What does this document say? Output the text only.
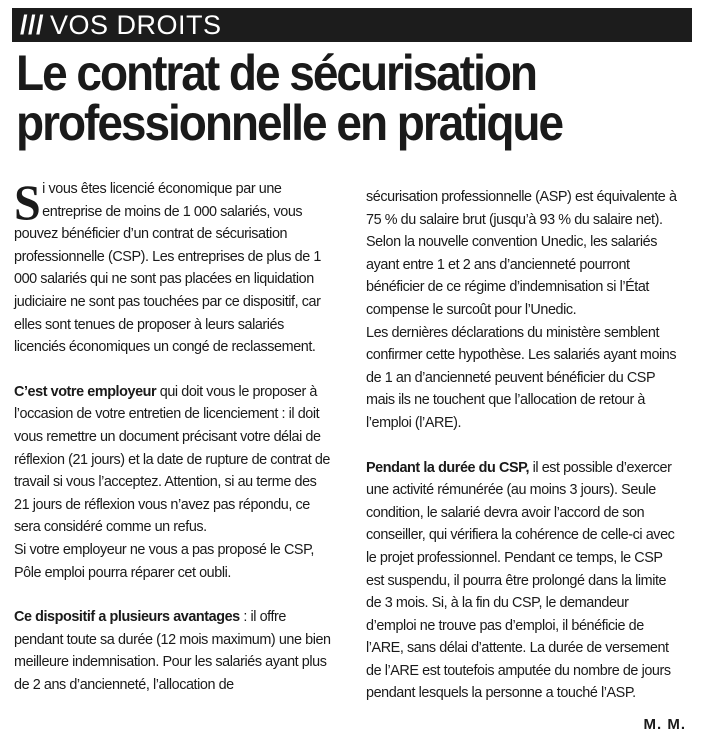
/// VOS DROITS
Le contrat de sécurisation
professionnelle en pratique

Si vous êtes licencié économique par une entreprise de moins de 1 000 salariés, vous pouvez bénéficier d’un contrat de sécurisation professionnelle (CSP). Les entreprises de plus de 1 000 salariés qui ne sont pas placées en liquidation judiciaire ne sont pas touchées par ce dispositif, car elles sont tenues de proposer à leurs salariés licenciés économiques un congé de reclassement.

C’est votre employeur qui doit vous le proposer à l’occasion de votre entretien de licenciement : il doit vous remettre un document précisant votre délai de réflexion (21 jours) et la date de rupture de contrat de travail si vous l’acceptez. Attention, si au terme des 21 jours de réflexion vous n’avez pas répondu, ce sera considéré comme un refus.

Si votre employeur ne vous a pas proposé le CSP, Pôle emploi pourra réparer cet oubli.

Ce dispositif a plusieurs avantages : il offre pendant toute sa durée (12 mois maximum) une bien meilleure indemnisation. Pour les salariés ayant plus de 2 ans d’ancienneté, l’allocation de

sécurisation professionnelle (ASP) est équivalente à 75 % du salaire brut (jusqu’à 93 % du salaire net). Selon la nouvelle convention Unedic, les salariés ayant entre 1 et 2 ans d’ancienneté pourront bénéficier de ce régime d’indemnisation si l’État compense le surcoût pour l’Unedic.

Les dernières déclarations du ministère semblent confirmer cette hypothèse. Les salariés ayant moins de 1 an d’ancienneté peuvent bénéficier du CSP mais ils ne touchent que l’allocation de retour à l’emploi (l’ARE).

Pendant la durée du CSP, il est possible d’exercer une activité rémunérée (au moins 3 jours). Seule condition, le salarié devra avoir l’accord de son conseiller, qui vérifiera la cohérence de celle-ci avec le projet professionnel. Pendant ce temps, le CSP est suspendu, il pourra être prolongé dans la limite de 3 mois. Si, à la fin du CSP, le demandeur d’emploi ne trouve pas d’emploi, il bénéficie de l’ARE, sans délai d’attente. La durée de versement de l’ARE est toutefois amputée du nombre de jours pendant lesquels la personne a touché l’ASP.

M. M.
